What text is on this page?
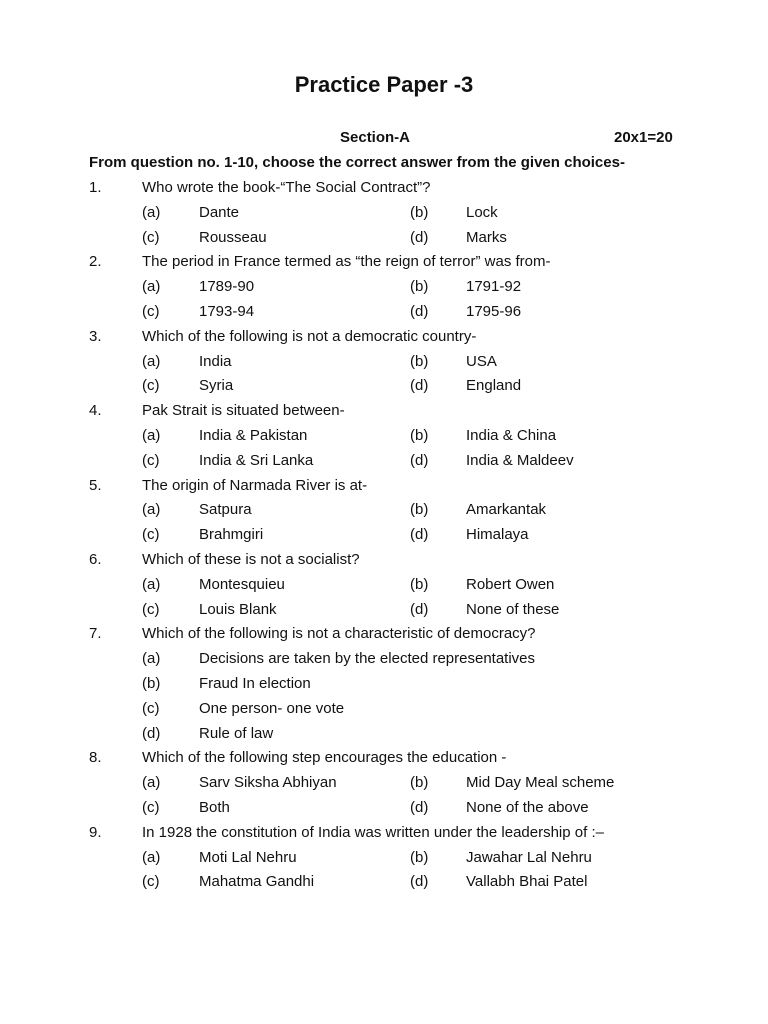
Practice Paper -3
Section-A	20x1=20
From question no. 1-10, choose the correct answer from the given choices-
1.	Who wrote the book-“The Social Contract”?
(a)	Dante	(b)	Lock
(c)	Rousseau	(d)	Marks
2.	The period in France termed as “the reign of terror” was from-
(a)	1789-90	(b)	1791-92
(c)	1793-94	(d)	1795-96
3.	Which of the following is not a democratic country-
(a)	India	(b)	USA
(c)	Syria	(d)	England
4.	Pak Strait is situated between-
(a)	India & Pakistan	(b)	India & China
(c)	India & Sri Lanka	(d)	India & Maldeev
5.	The origin of Narmada River is at-
(a)	Satpura	(b)	Amarkantak
(c)	Brahmgiri	(d)	Himalaya
6.	Which of these is not a socialist?
(a)	Montesquieu	(b)	Robert Owen
(c)	Louis Blank	(d)	None of these
7.	Which of the following is not a characteristic of democracy?
(a)	Decisions are taken by the elected representatives
(b)	Fraud In election
(c)	One person- one vote
(d)	Rule of law
8.	Which of the following step encourages the education -
(a)	Sarv Siksha Abhiyan	(b)	Mid Day Meal scheme
(c)	Both	(d)	None of the above
9.	In 1928 the constitution of India was written under the leadership of :–
(a)	Moti Lal Nehru	(b)	Jawahar Lal Nehru
(c)	Mahatma Gandhi	(d)	Vallabh Bhai Patel
